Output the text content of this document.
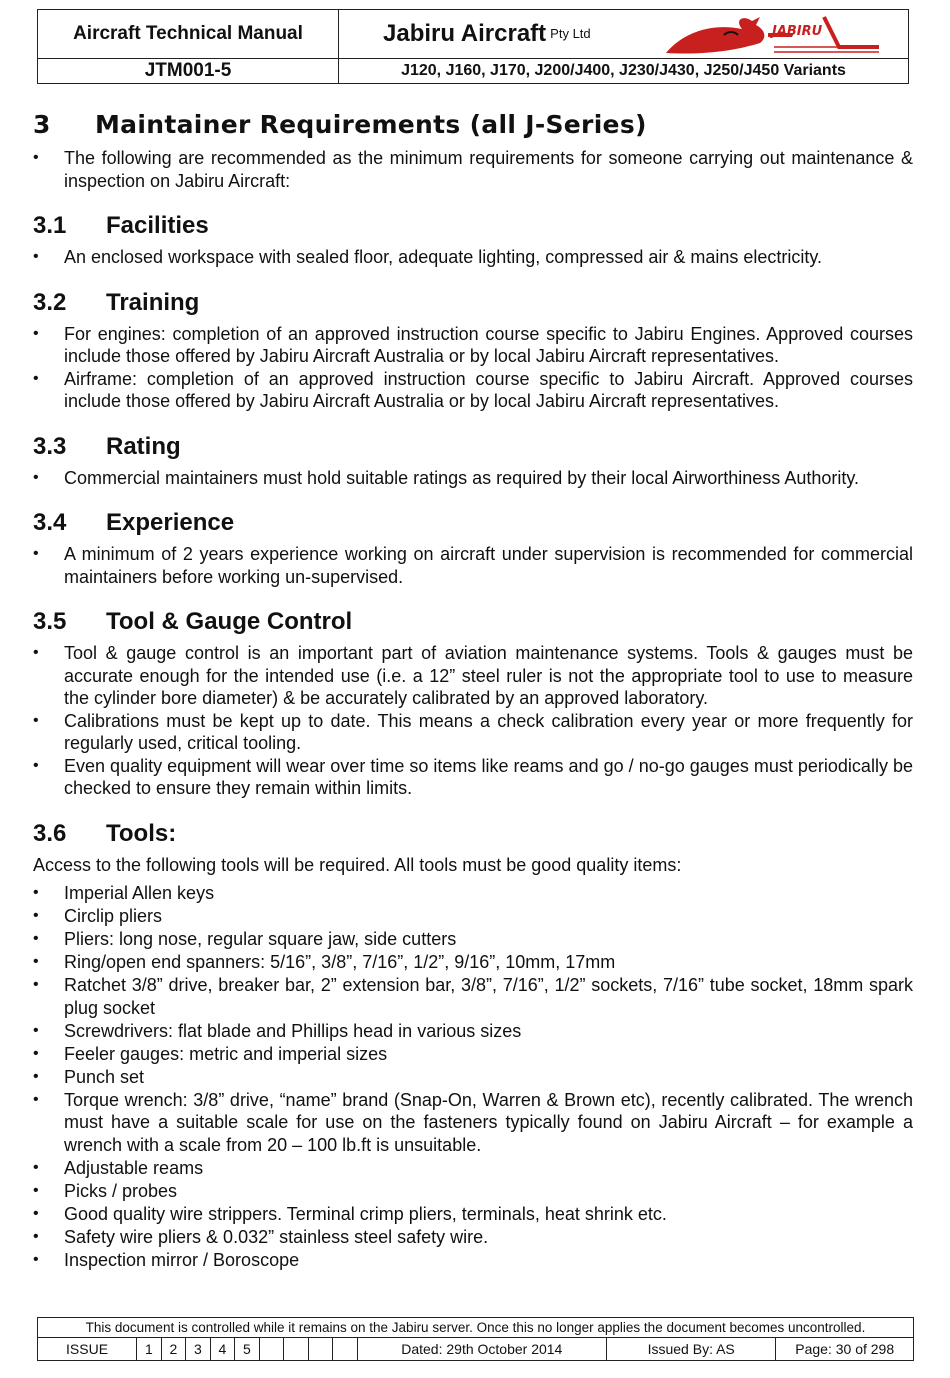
Aircraft Technical Manual	Jabiru Aircraft Pty Ltd JABIRU

JTM001-5	J120, J160, J170, J200/J400, J230/J430, J250/J450 Variants
3	Maintainer Requirements (all J-Series)
• The following are recommended as the minimum requirements for someone carrying out maintenance & inspection on Jabiru Aircraft:
3.1	Facilities
• An enclosed workspace with sealed floor, adequate lighting, compressed air & mains electricity.
3.2	Training
• For engines: completion of an approved instruction course specific to Jabiru Engines. Approved courses include those offered by Jabiru Aircraft Australia or by local Jabiru Aircraft representatives.
• Airframe: completion of an approved instruction course specific to Jabiru Aircraft. Approved courses include those offered by Jabiru Aircraft Australia or by local Jabiru Aircraft representatives.
3.3	Rating
• Commercial maintainers must hold suitable ratings as required by their local Airworthiness Authority.
3.4	Experience
• A minimum of 2 years experience working on aircraft under supervision is recommended for commercial maintainers before working un-supervised.
3.5	Tool & Gauge Control
• Tool & gauge control is an important part of aviation maintenance systems. Tools & gauges must be accurate enough for the intended use (i.e. a 12” steel ruler is not the appropriate tool to use to measure the cylinder bore diameter) & be accurately calibrated by an approved laboratory.
• Calibrations must be kept up to date. This means a check calibration every year or more frequently for regularly used, critical tooling.
• Even quality equipment will wear over time so items like reams and go / no-go gauges must periodically be checked to ensure they remain within limits.
3.6	Tools:

Access to the following tools will be required. All tools must be good quality items:

• Imperial Allen keys
• Circlip pliers
• Pliers: long nose, regular square jaw, side cutters
• Ring/open end spanners: 5/16”, 3/8”, 7/16”, 1/2”, 9/16”, 10mm, 17mm
• Ratchet 3/8” drive, breaker bar, 2” extension bar, 3/8”, 7/16”, 1/2” sockets, 7/16” tube socket, 18mm spark plug socket
• Screwdrivers: flat blade and Phillips head in various sizes
• Feeler gauges: metric and imperial sizes
• Punch set
• Torque wrench: 3/8” drive, “name” brand (Snap-On, Warren & Brown etc), recently calibrated. The wrench must have a suitable scale for use on the fasteners typically found on Jabiru Aircraft – for example a wrench with a scale from 20 – 100 lb.ft is unsuitable.
• Adjustable reams
• Picks / probes
• Good quality wire strippers. Terminal crimp pliers, terminals, heat shrink etc.
• Safety wire pliers & 0.032” stainless steel safety wire.
• Inspection mirror / Boroscope
This document is controlled while it remains on the Jabiru server. Once this no longer applies the document becomes uncontrolled.
ISSUE	1	2	3	4	5					Dated: 29th October 2014	Issued By: AS	Page: 30 of 298
